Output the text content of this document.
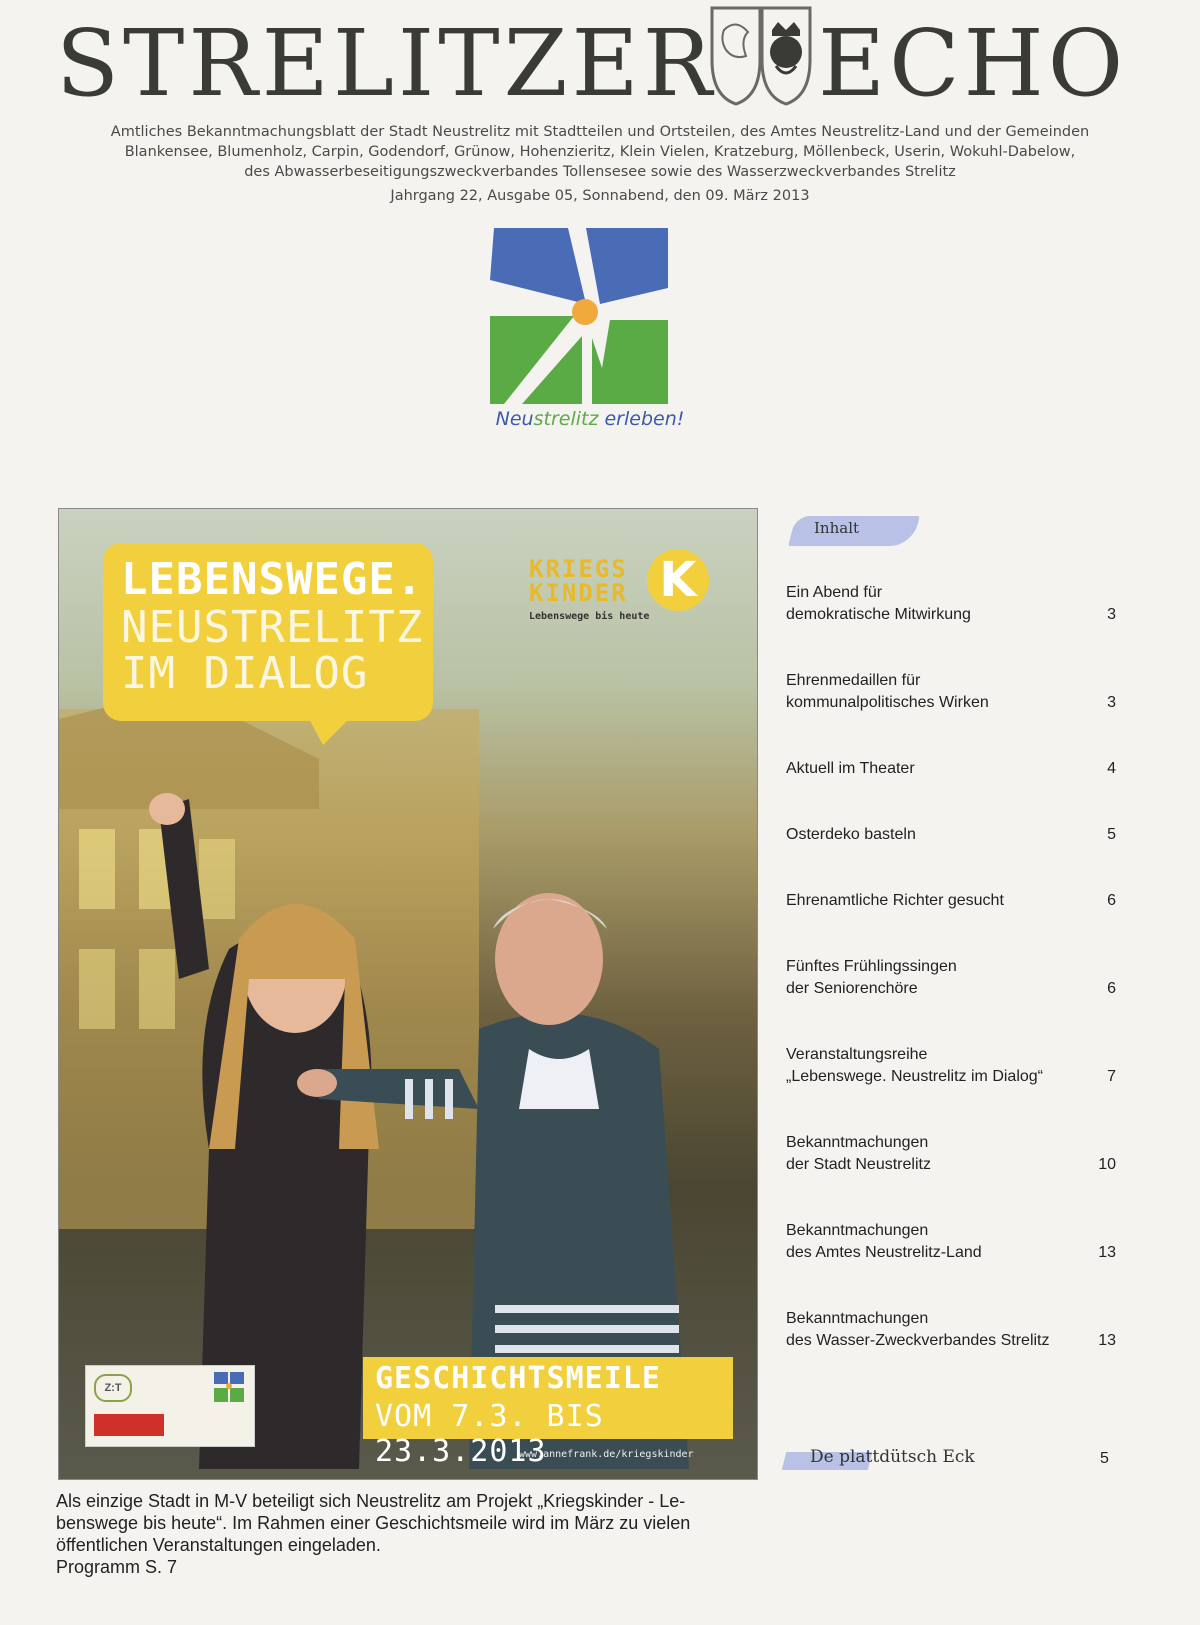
STRELITZER ECHO
Amtliches Bekanntmachungsblatt der Stadt Neustrelitz mit Stadtteilen und Ortsteilen, des Amtes Neustrelitz-Land und der Gemeinden
Blankensee, Blumenholz, Carpin, Godendorf, Grünow, Hohenzieritz, Klein Vielen, Kratzeburg, Möllenbeck, Userin, Wokuhl-Dabelow,
des Abwasserbeseitigungszweckverbandes Tollensesee sowie des Wasserzweckverbandes Strelitz
Jahrgang 22, Ausgabe 05, Sonnabend, den 09. März 2013
Neustrelitz erleben!
LEBENSWEGE.
NEUSTRELITZ
IM DIALOG
KRIEGS
KINDER K
Lebenswege bis heute
Z:T	GESCHICHTSMEILE
VOM 7.3. BIS 23.3.2013
www.annefrank.de/kriegskinder
Als einzige Stadt in M-V beteiligt sich Neustrelitz am Projekt „Kriegskinder - Le-
benswege bis heute“. Im Rahmen einer Geschichtsmeile wird im März zu vielen
öffentlichen Veranstaltungen eingeladen.
Programm S. 7
Inhalt
Ein Abend für
demokratische Mitwirkung	3
Ehrenmedaillen für
kommunalpolitisches Wirken	3
Aktuell im Theater	4
Osterdeko basteln	5
Ehrenamtliche Richter gesucht	6
Fünftes Frühlingssingen
der Seniorenchöre	6
Veranstaltungsreihe
„Lebenswege. Neustrelitz im Dialog“	7
Bekanntmachungen
der Stadt Neustrelitz	10
Bekanntmachungen
des Amtes Neustrelitz-Land	13
Bekanntmachungen
des Wasser-Zweckverbandes Strelitz	13
De plattdütsch Eck	5
